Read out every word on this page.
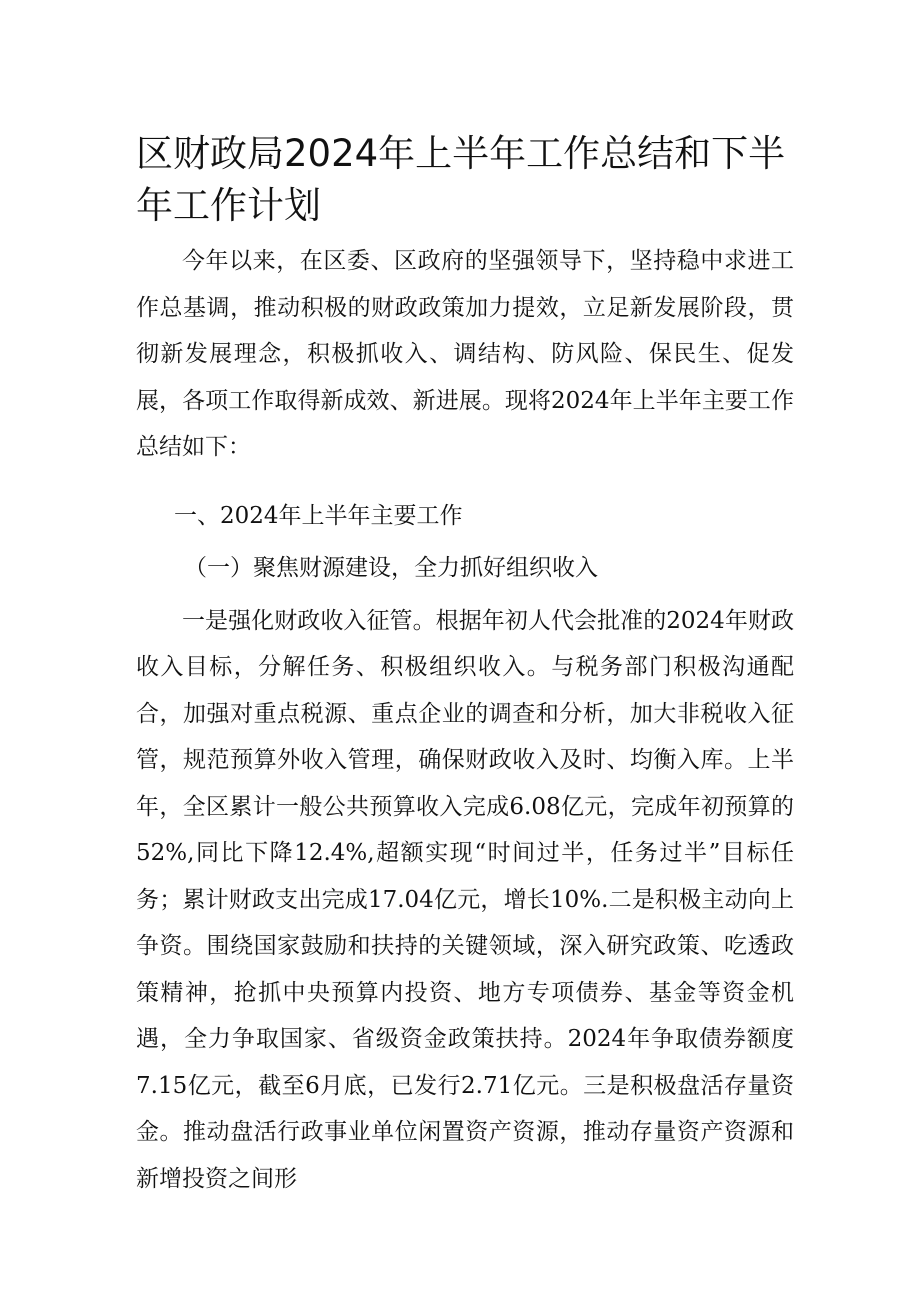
区财政局2024年上半年工作总结和下半年工作计划

今年以来，在区委、区政府的坚强领导下，坚持稳中求进工作总基调，推动积极的财政政策加力提效，立足新发展阶段，贯彻新发展理念，积极抓收入、调结构、防风险、保民生、促发展，各项工作取得新成效、新进展。现将2024年上半年主要工作总结如下：

一、2024年上半年主要工作

（一）聚焦财源建设，全力抓好组织收入

一是强化财政收入征管。根据年初人代会批准的2024年财政收入目标，分解任务、积极组织收入。与税务部门积极沟通配合，加强对重点税源、重点企业的调查和分析，加大非税收入征管，规范预算外收入管理，确保财政收入及时、均衡入库。上半年，全区累计一般公共预算收入完成6.08亿元，完成年初预算的52%,同比下降12.4%,超额实现“时间过半，任务过半”目标任务；累计财政支出完成17.04亿元，增长10%.二是积极主动向上争资。围绕国家鼓励和扶持的关键领域，深入研究政策、吃透政策精神，抢抓中央预算内投资、地方专项债券、基金等资金机遇，全力争取国家、省级资金政策扶持。2024年争取债券额度7.15亿元，截至6月底，已发行2.71亿元。三是积极盘活存量资金。推动盘活行政事业单位闲置资产资源，推动存量资产资源和新增投资之间形
